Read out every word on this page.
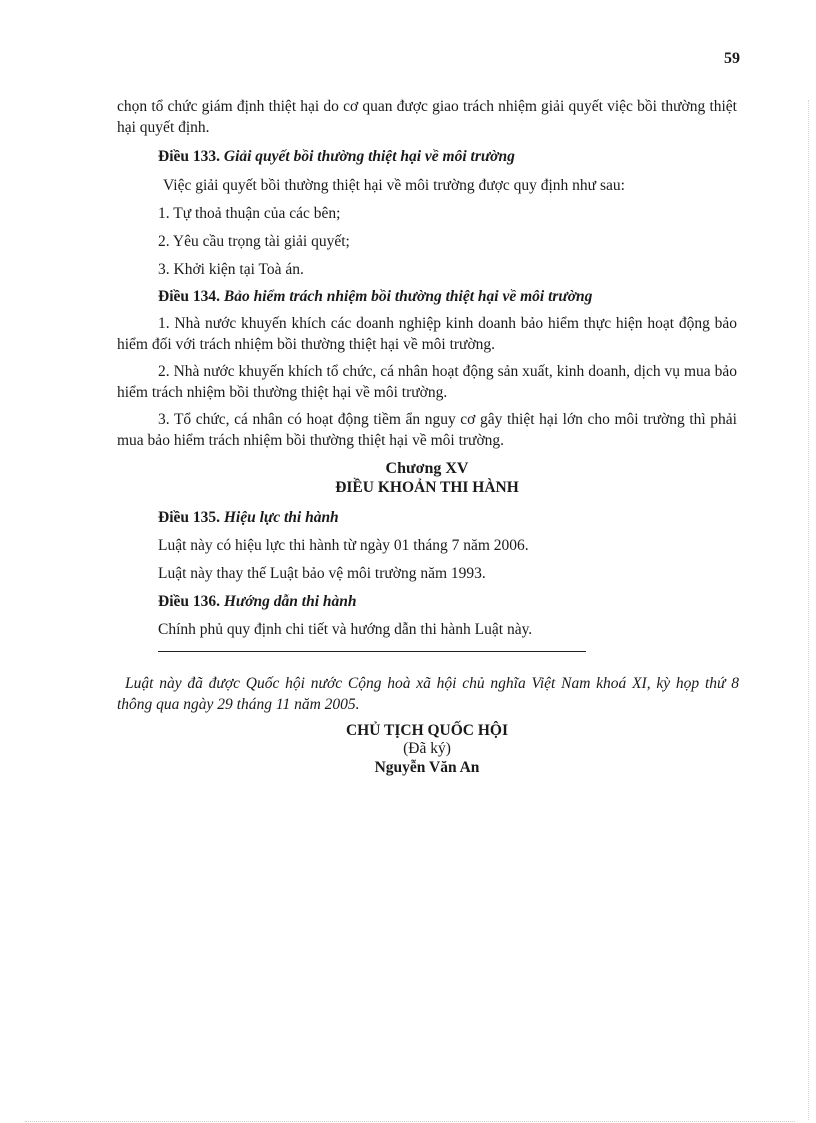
59

chọn tổ chức giám định thiệt hại do cơ quan được giao trách nhiệm giải quyết việc bồi thường thiệt hại quyết định.

Điều 133. Giải quyết bồi thường thiệt hại về môi trường

Việc giải quyết bồi thường thiệt hại về môi trường được quy định như sau:

1. Tự thoả thuận của các bên;

2. Yêu cầu trọng tài giải quyết;

3. Khởi kiện tại Toà án.

Điều 134. Bảo hiểm trách nhiệm bồi thường thiệt hại về môi trường

1. Nhà nước khuyến khích các doanh nghiệp kinh doanh bảo hiểm thực hiện hoạt động bảo hiểm đối với trách nhiệm bồi thường thiệt hại về môi trường.

2. Nhà nước khuyến khích tổ chức, cá nhân hoạt động sản xuất, kinh doanh, dịch vụ mua bảo hiểm trách nhiệm bồi thường thiệt hại về môi trường.

3. Tổ chức, cá nhân có hoạt động tiềm ẩn nguy cơ gây thiệt hại lớn cho môi trường thì phải mua bảo hiểm trách nhiệm bồi thường thiệt hại về môi trường.

Chương XV
ĐIỀU KHOẢN THI HÀNH

Điều 135. Hiệu lực thi hành

Luật này có hiệu lực thi hành từ ngày 01 tháng 7 năm 2006.

Luật này thay thế Luật bảo vệ môi trường năm 1993.

Điều 136. Hướng dẫn thi hành

Chính phủ quy định chi tiết và hướng dẫn thi hành Luật này.

Luật này đã được Quốc hội nước Cộng hoà xã hội chủ nghĩa Việt Nam khoá XI, kỳ họp thứ 8 thông qua ngày 29 tháng 11 năm 2005.

CHỦ TỊCH QUỐC HỘI
(Đã ký)
Nguyễn Văn An
